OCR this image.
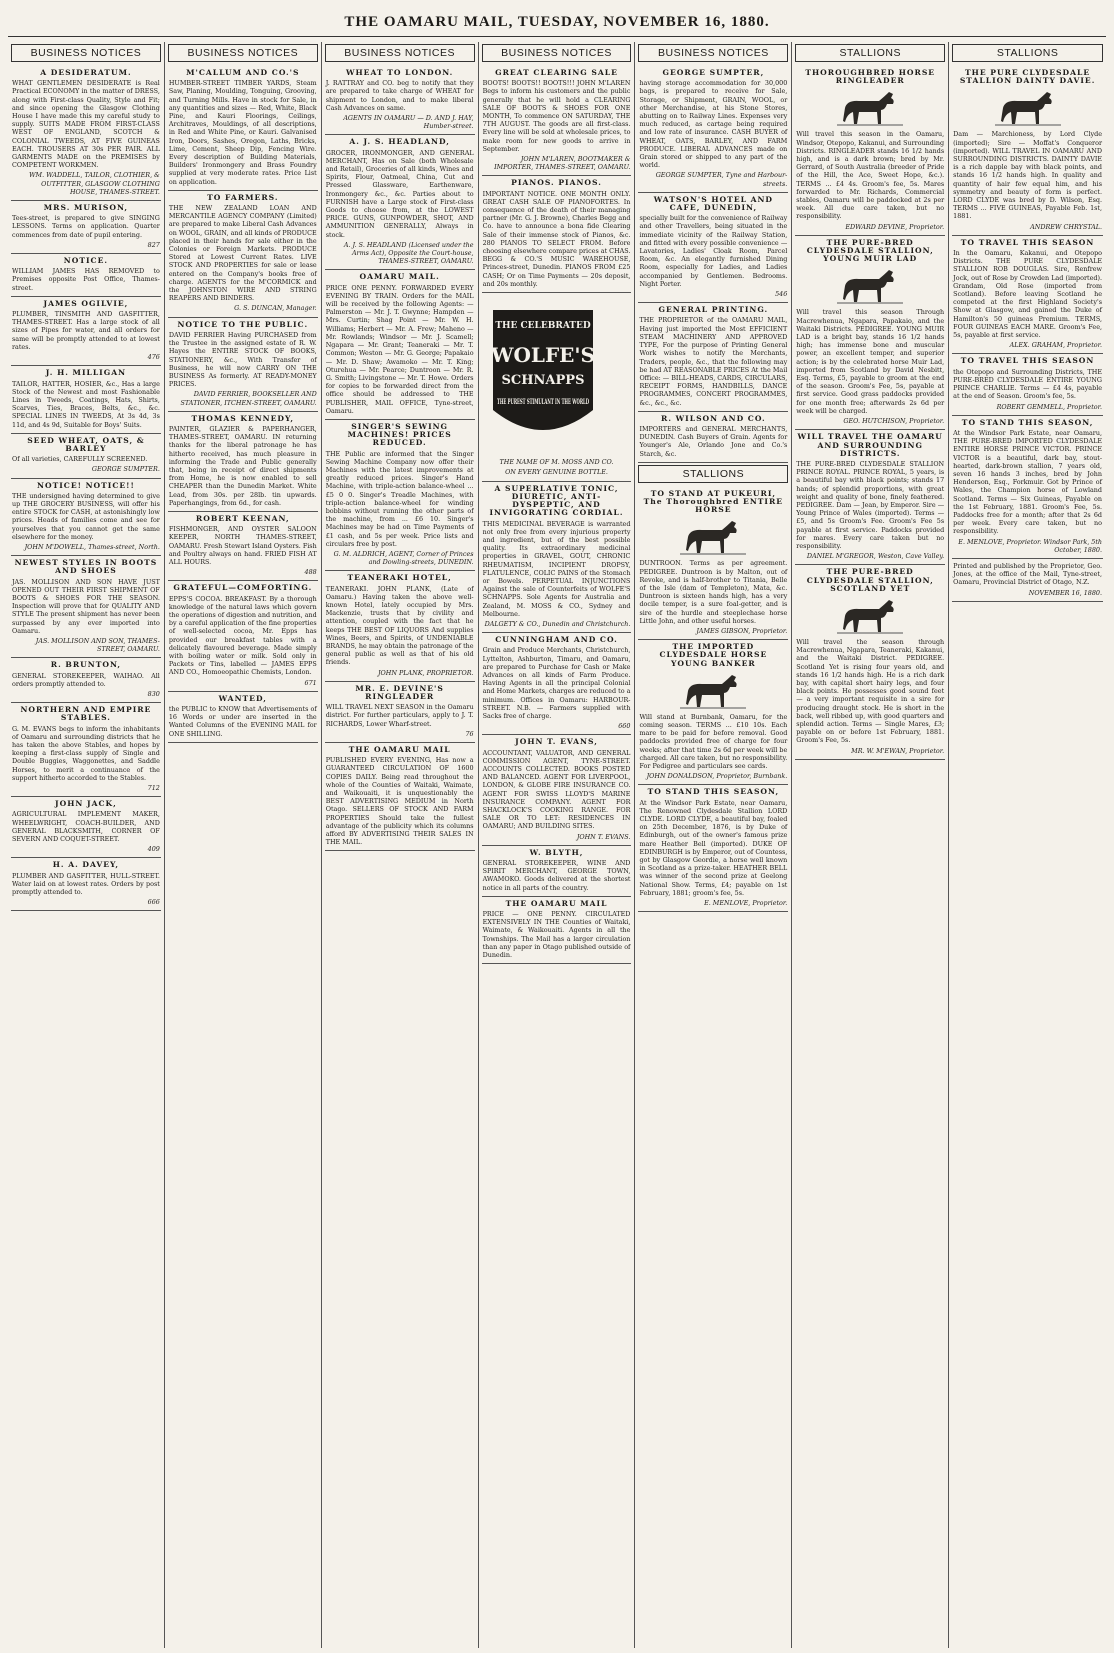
THE OAMARU MAIL, TUESDAY, NOVEMBER 16, 1880.
BUSINESS NOTICES
A DESIDERATUM.

WHAT GENTLEMEN DESIDERATE is Real Practical ECONOMY in the matter of DRESS, along with First-class Quality, Style and Fit; and since opening the Glasgow Clothing House I have made this my careful study to supply. SUITS MADE FROM FIRST-CLASS WEST OF ENGLAND, SCOTCH & COLONIAL TWEEDS, AT FIVE GUINEAS EACH. TROUSERS AT 30s PER PAIR. ALL GARMENTS MADE on the PREMISES by COMPETENT WORKMEN.

WM. WADDELL, TAILOR, CLOTHIER, & OUTFITTER, GLASGOW CLOTHING HOUSE, THAMES-STREET.
MRS. MURISON,

Tees-street, is prepared to give SINGING LESSONS. Terms on application. Quarter commences from date of pupil entering.

827
NOTICE.

WILLIAM JAMES HAS REMOVED to Premises opposite Post Office, Thames-street.

JAMES OGILVIE,

PLUMBER, TINSMITH AND GASFITTER, THAMES-STREET. Has a large stock of all sizes of Pipes for water, and all orders for same will be promptly attended to at lowest rates.

476
J. H. MILLIGAN

TAILOR, HATTER, HOSIER, &c., Has a large Stock of the Newest and most Fashionable Lines in Tweeds, Coatings, Hats, Shirts, Scarves, Ties, Braces, Belts, &c., &c. SPECIAL LINES IN TWEEDS, At 3s 4d, 3s 11d, and 4s 9d, Suitable for Boys' Suits.

SEED WHEAT, OATS, & BARLEY

Of all varieties, CAREFULLY SCREENED.

GEORGE SUMPTER.
NOTICE! NOTICE!!

THE undersigned having determined to give up THE GROCERY BUSINESS, will offer his entire STOCK for CASH, at astonishingly low prices. Heads of families come and see for yourselves that you cannot get the same elsewhere for the money.

JOHN M'DOWELL, Thames-street, North.
NEWEST STYLES IN BOOTS AND SHOES

JAS. MOLLISON AND SON HAVE JUST OPENED OUT THEIR FIRST SHIPMENT OF BOOTS & SHOES FOR THE SEASON. Inspection will prove that for QUALITY AND STYLE The present shipment has never been surpassed by any ever imported into Oamaru.

JAS. MOLLISON AND SON, THAMES-STREET, OAMARU.
R. BRUNTON,

GENERAL STOREKEEPER, WAIHAO. All orders promptly attended to.

830
NORTHERN AND EMPIRE STABLES.

G. M. EVANS begs to inform the inhabitants of Oamaru and surrounding districts that he has taken the above Stables, and hopes by keeping a first-class supply of Single and Double Buggies, Waggonettes, and Saddle Horses, to merit a continuance of the support hitherto accorded to the Stables.

712
JOHN JACK,

AGRICULTURAL IMPLEMENT MAKER, WHEELWRIGHT, COACH-BUILDER, AND GENERAL BLACKSMITH, CORNER OF SEVERN AND COQUET-STREET.

409
H. A. DAVEY,

PLUMBER AND GASFITTER, HULL-STREET. Water laid on at lowest rates. Orders by post promptly attended to.

666
BUSINESS NOTICES
M'CALLUM AND CO.'S

HUMBER-STREET TIMBER YARDS, Steam Saw, Planing, Moulding, Tonguing, Grooving, and Turning Mills. Have in stock for Sale, in any quantities and sizes — Red, White, Black Pine, and Kauri Floorings, Ceilings, Architraves, Mouldings, of all descriptions, in Red and White Pine, or Kauri. Galvanised Iron, Doors, Sashes, Oregon, Laths, Bricks, Lime, Cement, Sheep Dip, Fencing Wire. Every description of Building Materials, Builders' Ironmongery and Brass Foundry supplied at very moderate rates. Price List on application.

TO FARMERS.

THE NEW ZEALAND LOAN AND MERCANTILE AGENCY COMPANY (Limited) are prepared to make Liberal Cash Advances on WOOL, GRAIN, and all kinds of PRODUCE placed in their hands for sale either in the Colonies or Foreign Markets. PRODUCE Stored at Lowest Current Rates. LIVE STOCK AND PROPERTIES for sale or lease entered on the Company's books free of charge. AGENTS for the M'CORMICK and the JOHNSTON WIRE AND STRING REAPERS AND BINDERS.

G. S. DUNCAN, Manager.
NOTICE TO THE PUBLIC.

DAVID FERRIER Having PURCHASED from the Trustee in the assigned estate of R. W. Hayes the ENTIRE STOCK OF BOOKS, STATIONERY, &c., With Transfer of Business, he will now CARRY ON THE BUSINESS As formerly. AT READY-MONEY PRICES.

DAVID FERRIER, BOOKSELLER AND STATIONER, ITCHEN-STREET, OAMARU.
THOMAS KENNEDY,

PAINTER, GLAZIER & PAPERHANGER, THAMES-STREET, OAMARU. IN returning thanks for the liberal patronage he has hitherto received, has much pleasure in informing the Trade and Public generally that, being in receipt of direct shipments from Home, he is now enabled to sell CHEAPER than the Dunedin Market. White Lead, from 30s. per 28lb. tin upwards. Paperhangings, from 6d., for cash.

ROBERT KEENAN,

FISHMONGER, AND OYSTER SALOON KEEPER, NORTH THAMES-STREET, OAMARU. Fresh Stewart Island Oysters. Fish and Poultry always on hand. FRIED FISH AT ALL HOURS.

488
GRATEFUL—COMFORTING.

EPPS'S COCOA. BREAKFAST. By a thorough knowledge of the natural laws which govern the operations of digestion and nutrition, and by a careful application of the fine properties of well-selected cocoa, Mr. Epps has provided our breakfast tables with a delicately flavoured beverage. Made simply with boiling water or milk. Sold only in Packets or Tins, labelled — JAMES EPPS AND CO., Homoeopathic Chemists, London.

671
WANTED,

the PUBLIC to KNOW that Advertisements of 16 Words or under are inserted in the Wanted Columns of the EVENING MAIL for ONE SHILLING.

BUSINESS NOTICES
WHEAT TO LONDON.

J. RATTRAY and CO. beg to notify that they are prepared to take charge of WHEAT for shipment to London, and to make liberal Cash Advances on same.

AGENTS IN OAMARU — D. AND J. HAY, Humber-street.
A. J. S. HEADLAND,

GROCER, IRONMONGER, AND GENERAL MERCHANT, Has on Sale (both Wholesale and Retail), Groceries of all kinds, Wines and Spirits, Flour, Oatmeal, China, Cut and Pressed Glassware, Earthenware, Ironmongery &c., &c. Parties about to FURNISH have a Large stock of First-class Goods to choose from, at the LOWEST PRICE. GUNS, GUNPOWDER, SHOT, AND AMMUNITION GENERALLY, Always in stock.

A. J. S. HEADLAND (Licensed under the Arms Act), Opposite the Court-house, THAMES-STREET, OAMARU.
OAMARU MAIL.

PRICE ONE PENNY. FORWARDED EVERY EVENING BY TRAIN. Orders for the MAIL will be received by the following Agents: — Palmerston — Mr. J. T. Gwynne; Hampden — Mrs. Curtin; Shag Point — Mr. W. H. Williams; Herbert — Mr. A. Frew; Maheno — Mr. Rowlands; Windsor — Mr. J. Scamell; Ngapara — Mr. Grant; Teaneraki — Mr. T. Common; Weston — Mr. G. George; Papakaio — Mr. D. Shaw; Awamoko — Mr. T. King; Oturehua — Mr. Pearce; Duntroon — Mr. R. G. Smith; Livingstone — Mr. T. Howe. Orders for copies to be forwarded direct from the office should be addressed to THE PUBLISHER, MAIL OFFICE, Tyne-street, Oamaru.

SINGER'S SEWING MACHINES! PRICES REDUCED.

THE Public are informed that the Singer Sewing Machine Company now offer their Machines with the latest improvements at greatly reduced prices. Singer's Hand Machine, with triple-action balance-wheel ... £5 0 0. Singer's Treadle Machines, with triple-action balance-wheel for winding bobbins without running the other parts of the machine, from ... £6 10. Singer's Machines may be had on Time Payments of £1 cash, and 5s per week. Price lists and circulars free by post.

G. M. ALDRICH, AGENT, Corner of Princes and Dowling-streets, DUNEDIN.
TEANERAKI HOTEL,

TEANERAKI. JOHN PLANK, (Late of Oamaru.) Having taken the above well-known Hotel, lately occupied by Mrs. Mackenzie, trusts that by civility and attention, coupled with the fact that he keeps THE BEST OF LIQUORS And supplies Wines, Beers, and Spirits, of UNDENIABLE BRANDS, he may obtain the patronage of the general public as well as that of his old friends.

JOHN PLANK, PROPRIETOR.
MR. E. DEVINE'S RINGLEADER

WILL TRAVEL NEXT SEASON in the Oamaru district. For further particulars, apply to J. T. RICHARDS, Lower Wharf-street.

76
THE OAMARU MAIL

PUBLISHED EVERY EVENING, Has now a GUARANTEED CIRCULATION OF 1600 COPIES DAILY. Being read throughout the whole of the Counties of Waitaki, Waimate, and Waikouaiti, it is unquestionably the BEST ADVERTISING MEDIUM in North Otago. SELLERS OF STOCK AND FARM PROPERTIES Should take the fullest advantage of the publicity which its columns afford BY ADVERTISING THEIR SALES IN THE MAIL.

BUSINESS NOTICES
GREAT CLEARING SALE

BOOTS! BOOTS!! BOOTS!!! JOHN M'LAREN Begs to inform his customers and the public generally that he will hold a CLEARING SALE OF BOOTS & SHOES FOR ONE MONTH, To commence ON SATURDAY, THE 7TH AUGUST. The goods are all first-class. Every line will be sold at wholesale prices, to make room for new goods to arrive in September.

JOHN M'LAREN, BOOTMAKER & IMPORTER, THAMES-STREET, OAMARU.
PIANOS. PIANOS.

IMPORTANT NOTICE. ONE MONTH ONLY. GREAT CASH SALE OF PIANOFORTES. In consequence of the death of their managing partner (Mr. G. J. Browne), Charles Begg and Co. have to announce a bona fide Clearing Sale of their immense stock of Pianos, &c. 280 PIANOS TO SELECT FROM. Before choosing elsewhere compare prices at CHAS. BEGG & CO.'S MUSIC WAREHOUSE, Princes-street, Dunedin. PIANOS FROM £25 CASH; Or on Time Payments — 20s deposit, and 20s monthly.

THE CELEBRATED
WOLFE'S
SCHNAPPS
THE PUREST STIMULANT IN THE WORLD
THE NAME OF M. MOSS AND CO.
ON EVERY GENUINE BOTTLE.
A SUPERLATIVE TONIC, DIURETIC, ANTI-DYSPEPTIC, AND INVIGORATING CORDIAL.

THIS MEDICINAL BEVERAGE is warranted not only free from every injurious property and ingredient, but of the best possible quality. Its extraordinary medicinal properties in GRAVEL, GOUT, CHRONIC RHEUMATISM, INCIPIENT DROPSY, FLATULENCE, COLIC PAINS of the Stomach or Bowels. PERPETUAL INJUNCTIONS Against the sale of Counterfeits of WOLFE'S SCHNAPPS. Sole Agents for Australia and Zealand, M. MOSS & CO., Sydney and Melbourne.

DALGETY & CO., Dunedin and Christchurch.
CUNNINGHAM AND CO.

Grain and Produce Merchants, Christchurch, Lyttelton, Ashburton, Timaru, and Oamaru, are prepared to Purchase for Cash or Make Advances on all kinds of Farm Produce. Having Agents in all the principal Colonial and Home Markets, charges are reduced to a minimum. Offices in Oamaru: HARBOUR-STREET. N.B. — Farmers supplied with Sacks free of charge.

660
JOHN T. EVANS,

ACCOUNTANT, VALUATOR, AND GENERAL COMMISSION AGENT, TYNE-STREET. ACCOUNTS COLLECTED. BOOKS POSTED AND BALANCED. AGENT FOR LIVERPOOL, LONDON, & GLOBE FIRE INSURANCE CO. AGENT FOR SWISS LLOYD'S MARINE INSURANCE COMPANY. AGENT FOR SHACKLOCK'S COOKING RANGE. FOR SALE OR TO LET: RESIDENCES IN OAMARU; AND BUILDING SITES.

JOHN T. EVANS.
W. BLYTH,

GENERAL STOREKEEPER, WINE AND SPIRIT MERCHANT, GEORGE TOWN, AWAMOKO. Goods delivered at the shortest notice in all parts of the country.

THE OAMARU MAIL

PRICE — ONE PENNY. CIRCULATED EXTENSIVELY IN THE Counties of Waitaki, Waimate, & Waikouaiti. Agents in all the Townships. The Mail has a larger circulation than any paper in Otago published outside of Dunedin.

BUSINESS NOTICES
GEORGE SUMPTER,

having storage accommodation for 30,000 bags, is prepared to receive for Sale, Storage, or Shipment, GRAIN, WOOL, or other Merchandise, at his Stone Stores, abutting on to Railway Lines. Expenses very much reduced, as cartage being required and low rate of insurance. CASH BUYER of WHEAT, OATS, BARLEY, AND FARM PRODUCE. LIBERAL ADVANCES made on Grain stored or shipped to any part of the world.

GEORGE SUMPTER, Tyne and Harbour-streets.
WATSON'S HOTEL AND CAFE, DUNEDIN,

specially built for the convenience of Railway and other Travellers, being situated in the immediate vicinity of the Railway Station, and fitted with every possible convenience — Lavatories, Ladies' Cloak Room, Parcel Room, &c. An elegantly furnished Dining Room, especially for Ladies, and Ladies accompanied by Gentlemen. Bedrooms. Night Porter.

546
GENERAL PRINTING.

THE PROPRIETOR of the OAMARU MAIL, Having just imported the Most EFFICIENT STEAM MACHINERY AND APPROVED TYPE, For the purpose of Printing General Work wishes to notify the Merchants, Traders, people, &c., that the following may be had AT REASONABLE PRICES At the Mail Office: — BILL-HEADS, CARDS, CIRCULARS, RECEIPT FORMS, HANDBILLS, DANCE PROGRAMMES, CONCERT PROGRAMMES, &c., &c., &c.

R. WILSON AND CO.

IMPORTERS and GENERAL MERCHANTS, DUNEDIN. Cash Buyers of Grain. Agents for Younger's Ale, Orlando Jone and Co.'s Starch, &c.

STALLIONS
TO STAND AT PUKEURI, The Thoroughbred ENTIRE HORSE

DUNTROON. Terms as per agreement. PEDIGREE. Duntroon is by Malton, out of Revoke, and is half-brother to Titania, Belle of the Isle (dam of Templeton), Mata, &c. Duntroon is sixteen hands high, has a very docile temper, is a sure foal-getter, and is sire of the hurdle and steeplechase horse Little John, and other useful horses.

JAMES GIBSON, Proprietor.
THE IMPORTED CLYDESDALE HORSE YOUNG BANKER

Will stand at Burnbank, Oamaru, for the coming season. TERMS ... £10 10s. Each mare to be paid for before removal. Good paddocks provided free of charge for four weeks; after that time 2s 6d per week will be charged. All care taken, but no responsibility. For Pedigree and particulars see cards.

JOHN DONALDSON, Proprietor, Burnbank.
TO STAND THIS SEASON,

At the Windsor Park Estate, near Oamaru, The Renowned Clydesdale Stallion LORD CLYDE. LORD CLYDE, a beautiful bay, foaled on 25th December, 1876, is by Duke of Edinburgh, out of the owner's famous prize mare Heather Bell (imported). DUKE OF EDINBURGH is by Emperor, out of Countess, got by Glasgow Geordie, a horse well known in Scotland as a prize-taker. HEATHER BELL was winner of the second prize at Geelong National Show. Terms, £4; payable on 1st February, 1881; groom's fee, 5s.

E. MENLOVE, Proprietor.
STALLIONS
THOROUGHBRED HORSE RINGLEADER

Will travel this season in the Oamaru, Windsor, Otepopo, Kakanui, and Surrounding Districts. RINGLEADER stands 16 1/2 hands high, and is a dark brown; bred by Mr. Gerrard, of South Australia (breeder of Pride of the Hill, the Ace, Sweet Hope, &c.). TERMS ... £4 4s. Groom's fee, 5s. Mares forwarded to Mr. Richards, Commercial stables, Oamaru will be paddocked at 2s per week. All due care taken, but no responsibility.

EDWARD DEVINE, Proprietor.
THE PURE-BRED CLYDESDALE STALLION, YOUNG MUIR LAD

Will travel this season Through Macrewhenua, Ngapara, Papakaio, and the Waitaki Districts. PEDIGREE. YOUNG MUIR LAD is a bright bay, stands 16 1/2 hands high; has immense bone and muscular power, an excellent temper, and superior action; is by the celebrated horse Muir Lad, imported from Scotland by David Nesbitt, Esq. Terms, £5, payable to groom at the end of the season. Groom's Fee, 5s, payable at first service. Good grass paddocks provided for one month free; afterwards 2s 6d per week will be charged.

GEO. HUTCHISON, Proprietor.
WILL TRAVEL THE OAMARU AND SURROUNDING DISTRICTS.

THE PURE-BRED CLYDESDALE STALLION PRINCE ROYAL. PRINCE ROYAL, 5 years, is a beautiful bay with black points; stands 17 hands; of splendid proportions, with great weight and quality of bone, finely feathered. PEDIGREE. Dam — Jean, by Emperor. Sire — Young Prince of Wales (imported). Terms — £5, and 5s Groom's Fee. Groom's Fee 5s payable at first service. Paddocks provided for mares. Every care taken but no responsibility.

DANIEL M'GREGOR, Weston, Cave Valley.
THE PURE-BRED CLYDESDALE STALLION, SCOTLAND YET

Will travel the season through Macrewhenua, Ngapara, Teaneraki, Kakanui, and the Waitaki District. PEDIGREE. Scotland Yet is rising four years old, and stands 16 1/2 hands high. He is a rich dark bay, with capital short hairy legs, and four black points. He possesses good sound feet — a very important requisite in a sire for producing draught stock. He is short in the back, well ribbed up, with good quarters and splendid action. Terms — Single Mares, £3; payable on or before 1st February, 1881. Groom's Fee, 5s.

MR. W. M'EWAN, Proprietor.
STALLIONS
THE PURE CLYDESDALE STALLION DAINTY DAVIE.

Dam — Marchioness, by Lord Clyde (imported); Sire — Moffat's Conqueror (imported). WILL TRAVEL IN OAMARU AND SURROUNDING DISTRICTS. DAINTY DAVIE is a rich dapple bay with black points, and stands 16 1/2 hands high. In quality and quantity of hair few equal him, and his symmetry and beauty of form is perfect. LORD CLYDE was bred by D. Wilson, Esq. TERMS ... FIVE GUINEAS, Payable Feb. 1st, 1881.

ANDREW CHRYSTAL.
TO TRAVEL THIS SEASON

In the Oamaru, Kakanui, and Otepopo Districts. THE PURE CLYDESDALE STALLION ROB DOUGLAS. Sire, Renfrew Jock, out of Rose by Crowden Lad (imported). Grandam, Old Rose (imported from Scotland). Before leaving Scotland he competed at the first Highland Society's Show at Glasgow, and gained the Duke of Hamilton's 50 guineas Premium. TERMS, FOUR GUINEAS EACH MARE. Groom's Fee, 5s, payable at first service.

ALEX. GRAHAM, Proprietor.
TO TRAVEL THIS SEASON

the Otepopo and Surrounding Districts, THE PURE-BRED CLYDESDALE ENTIRE YOUNG PRINCE CHARLIE. Terms — £4 4s, payable at the end of Season. Groom's fee, 5s.

ROBERT GEMMELL, Proprietor.
TO STAND THIS SEASON,

At the Windsor Park Estate, near Oamaru, THE PURE-BRED IMPORTED CLYDESDALE ENTIRE HORSE PRINCE VICTOR. PRINCE VICTOR is a beautiful, dark bay, stout-hearted, dark-brown stallion, 7 years old, seven 16 hands 3 inches, bred by John Henderson, Esq., Forkmuir. Got by Prince of Wales, the Champion horse of Lowland Scotland. Terms — Six Guineas, Payable on the 1st February, 1881. Groom's Fee, 5s. Paddocks free for a month; after that 2s 6d per week. Every care taken, but no responsibility.

E. MENLOVE, Proprietor. Windsor Park, 5th October, 1880.

Printed and published by the Proprietor, Geo. Jones, at the office of the Mail, Tyne-street, Oamaru, Provincial District of Otago, N.Z.

NOVEMBER 16, 1880.
